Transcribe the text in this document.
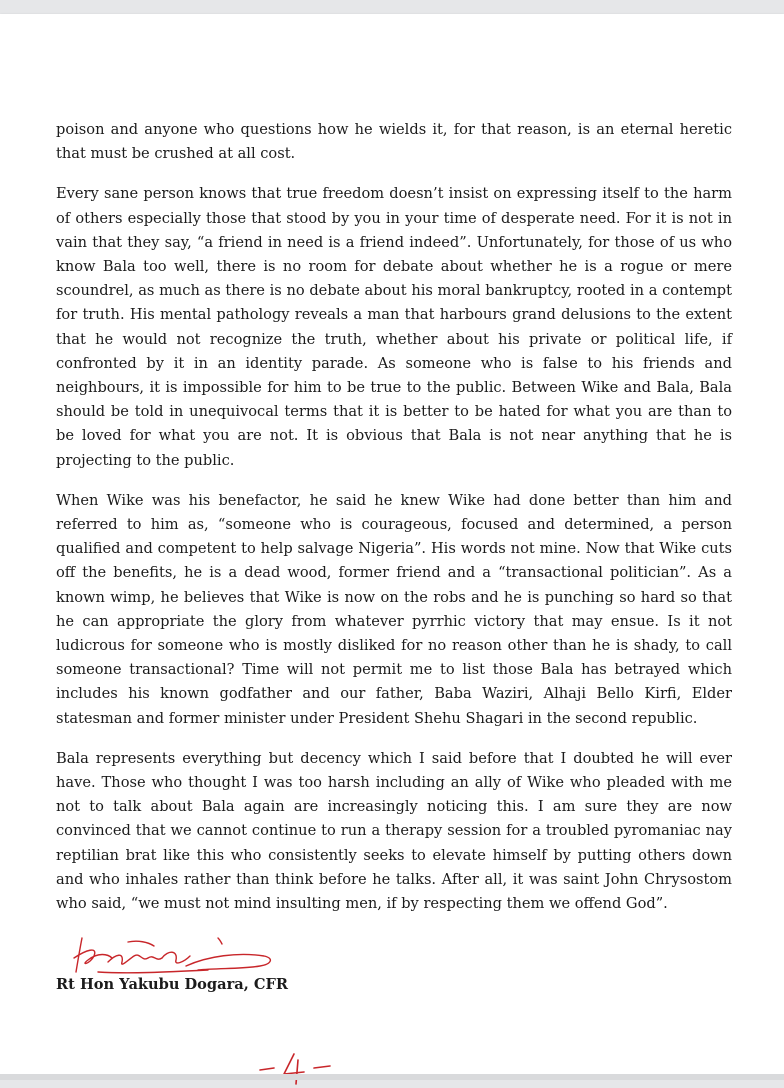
poison and anyone who questions how he wields it, for that reason, is an eternal heretic that must be crushed at all cost.

Every sane person knows that true freedom doesn’t insist on expressing itself to the harm of others especially those that stood by you in your time of desperate need. For it is not in vain that they say, “a friend in need is a friend indeed”. Unfortunately, for those of us who know Bala too well, there is no room for debate about whether he is a rogue or mere scoundrel, as much as there is no debate about his moral bankruptcy, rooted in a contempt for truth. His mental pathology reveals a man that harbours grand delusions to the extent that he would not recognize the truth, whether about his private or political life, if confronted by it in an identity parade. As someone who is false to his friends and neighbours, it is impossible for him to be true to the public. Between Wike and Bala, Bala should be told in unequivocal terms that it is better to be hated for what you are than to be loved for what you are not. It is obvious that Bala is not near anything that he is projecting to the public.

When Wike was his benefactor, he said he knew Wike had done better than him and referred to him as, “someone who is courageous, focused and determined, a person qualified and competent to help salvage Nigeria”. His words not mine. Now that Wike cuts off the benefits, he is a dead wood, former friend and a “transactional politician”. As a known wimp, he believes that Wike is now on the robs and he is punching so hard so that he can appropriate the glory from whatever pyrrhic victory that may ensue. Is it not ludicrous for someone who is mostly disliked for no reason other than he is shady, to call someone transactional? Time will not permit me to list those Bala has betrayed which includes his known godfather and our father, Baba Waziri, Alhaji Bello Kirfi, Elder statesman and former minister under President Shehu Shagari in the second republic.

Bala represents everything but decency which I said before that I doubted he will ever have. Those who thought I was too harsh including an ally of Wike who pleaded with me not to talk about Bala again are increasingly noticing this. I am sure they are now convinced that we cannot continue to run a therapy session for a troubled pyromaniac nay reptilian brat like this who consistently seeks to elevate himself by putting others down and who inhales rather than think before he talks. After all, it was saint John Chrysostom who said, “we must not mind insulting men, if by respecting them we offend God”.

Rt Hon Yakubu Dogara, CFR
